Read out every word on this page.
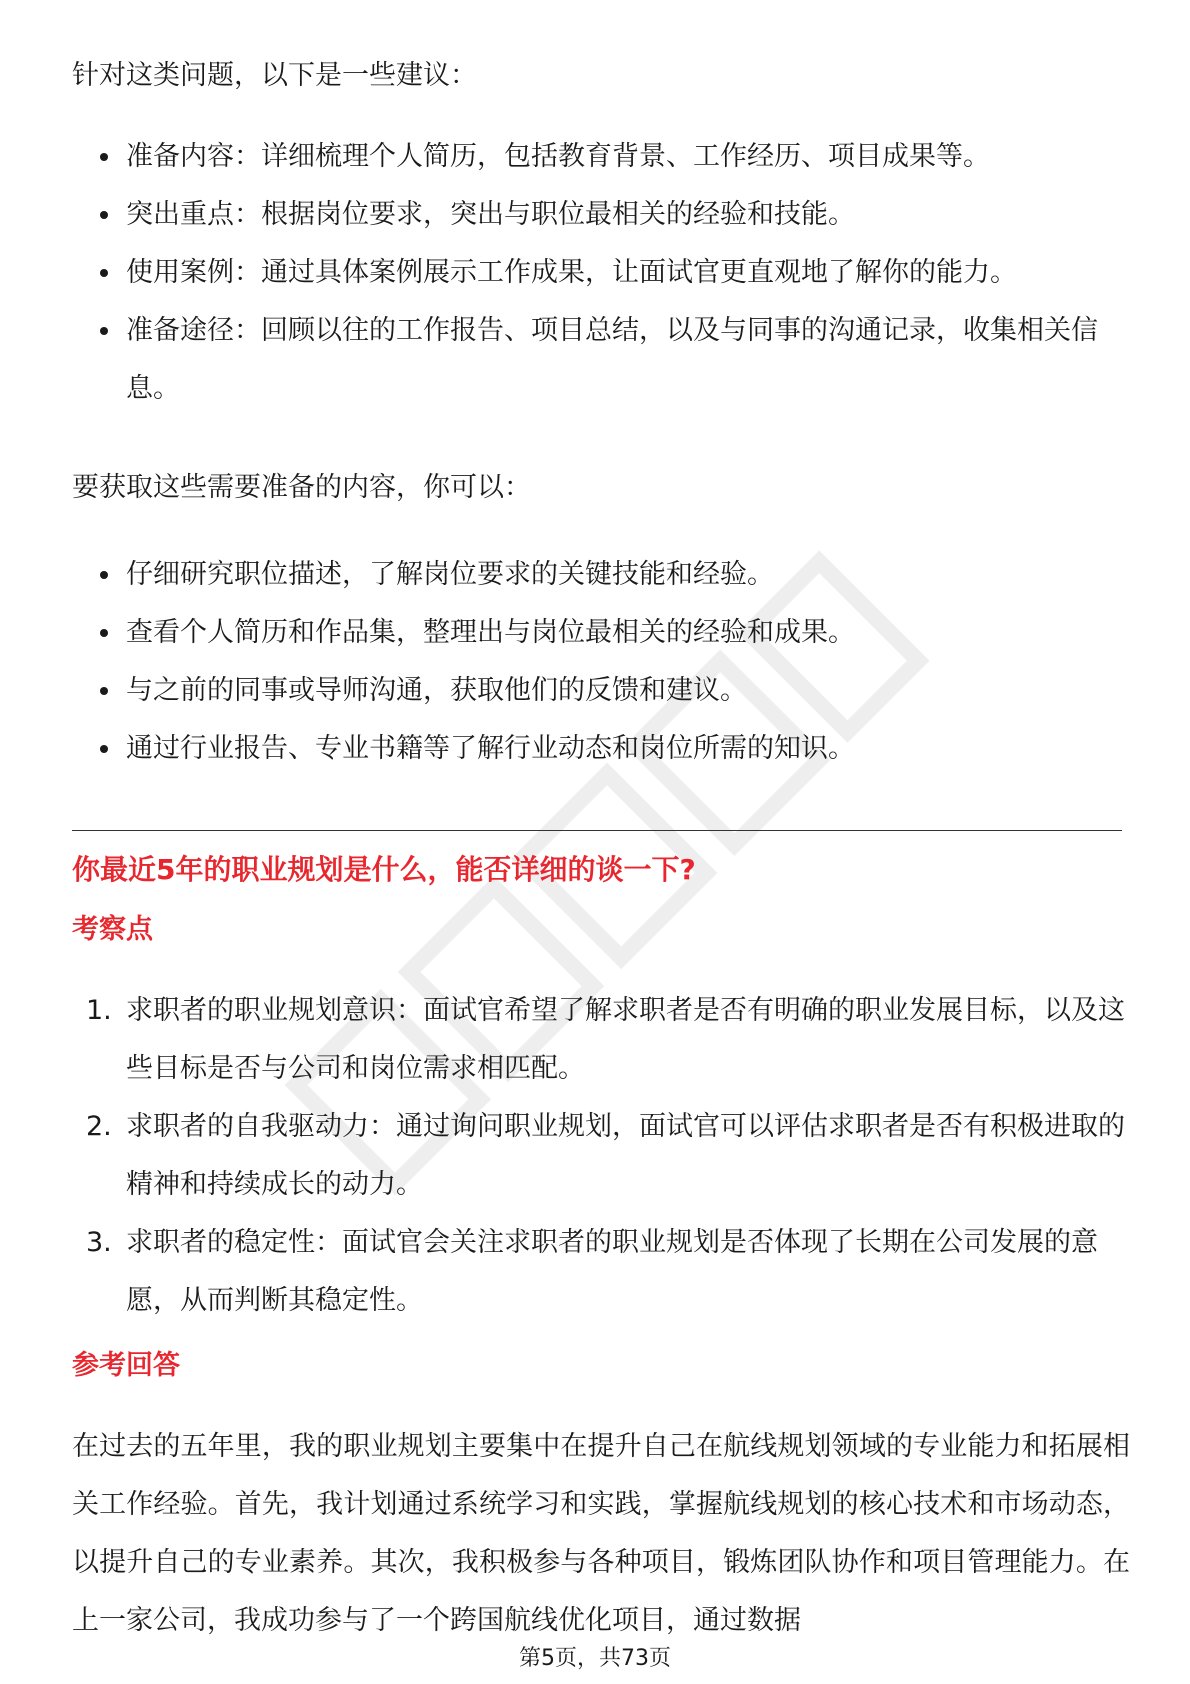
针对这类问题，以下是一些建议：

准备内容：详细梳理个人简历，包括教育背景、工作经历、项目成果等。
突出重点：根据岗位要求，突出与职位最相关的经验和技能。
使用案例：通过具体案例展示工作成果，让面试官更直观地了解你的能力。
准备途径：回顾以往的工作报告、项目总结，以及与同事的沟通记录，收集相关信息。

要获取这些需要准备的内容，你可以：

仔细研究职位描述，了解岗位要求的关键技能和经验。
查看个人简历和作品集，整理出与岗位最相关的经验和成果。
与之前的同事或导师沟通，获取他们的反馈和建议。
通过行业报告、专业书籍等了解行业动态和岗位所需的知识。
你最近5年的职业规划是什么，能否详细的谈一下?
考察点
1. 求职者的职业规划意识：面试官希望了解求职者是否有明确的职业发展目标，以及这些目标是否与公司和岗位需求相匹配。
2. 求职者的自我驱动力：通过询问职业规划，面试官可以评估求职者是否有积极进取的精神和持续成长的动力。
3. 求职者的稳定性：面试官会关注求职者的职业规划是否体现了长期在公司发展的意愿，从而判断其稳定性。
参考回答

在过去的五年里，我的职业规划主要集中在提升自己在航线规划领域的专业能力和拓展相关工作经验。首先，我计划通过系统学习和实践，掌握航线规划的核心技术和市场动态，以提升自己的专业素养。其次，我积极参与各种项目，锻炼团队协作和项目管理能力。在上一家公司，我成功参与了一个跨国航线优化项目，通过数据

第5页，共73页
